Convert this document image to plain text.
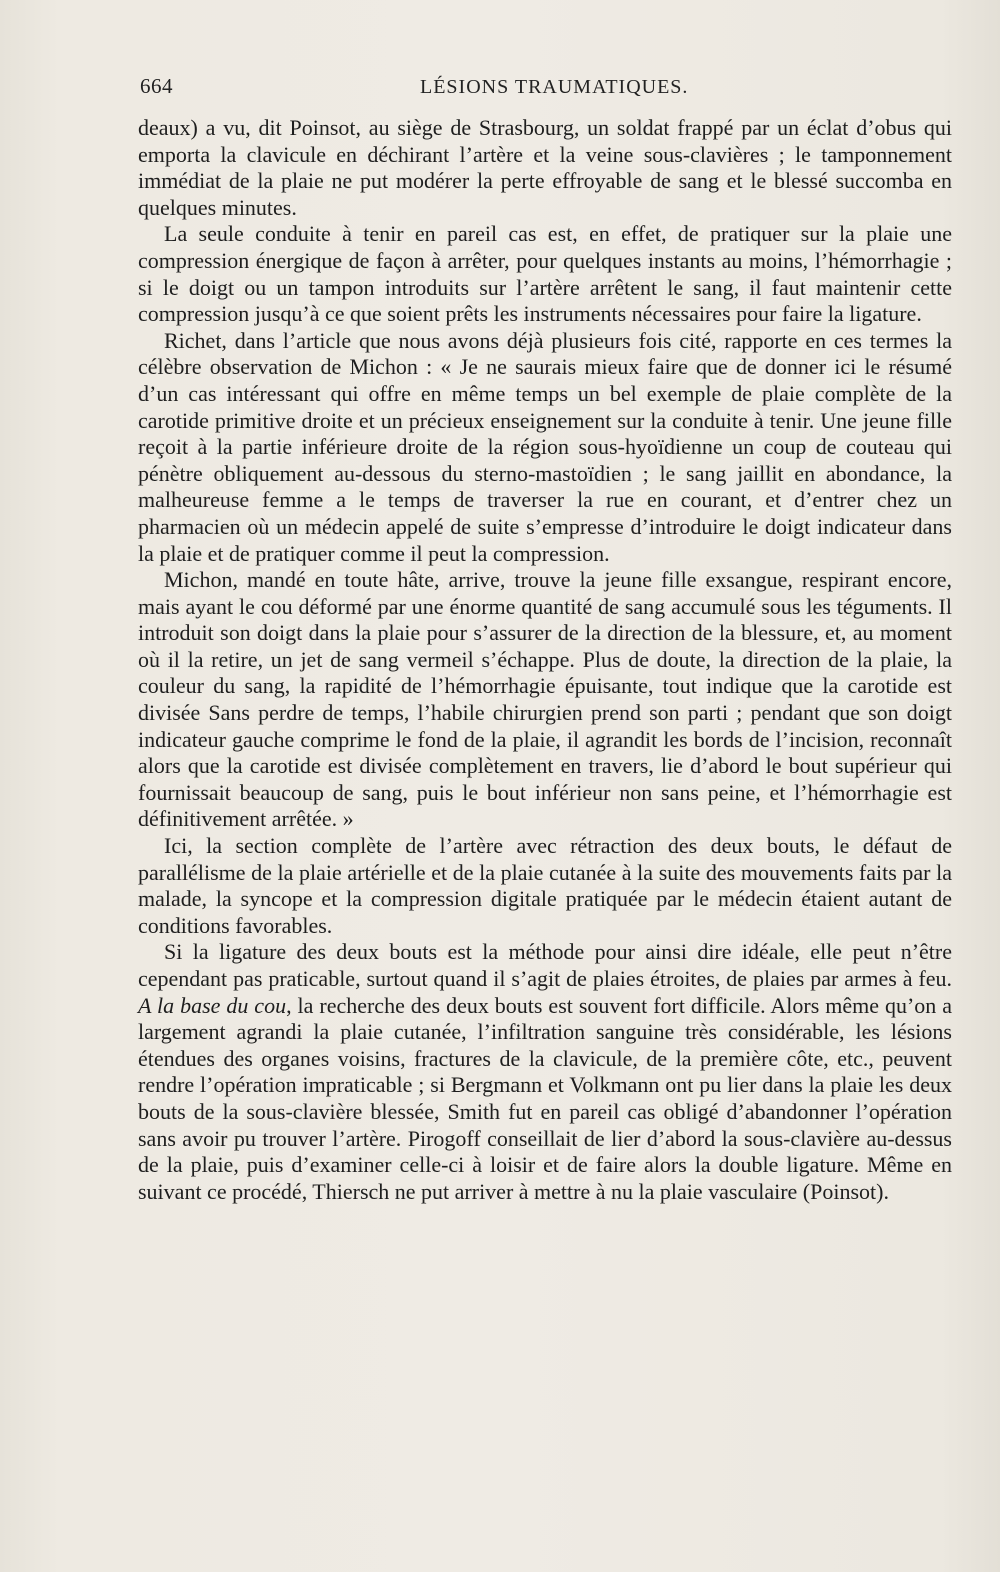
664	LÉSIONS TRAUMATIQUES.

deaux) a vu, dit Poinsot, au siège de Strasbourg, un soldat frappé par un éclat d’obus qui emporta la clavicule en déchirant l’artère et la veine sous-clavières ; le tamponnement immédiat de la plaie ne put modérer la perte effroyable de sang et le blessé succomba en quelques minutes.

La seule conduite à tenir en pareil cas est, en effet, de pratiquer sur la plaie une compression énergique de façon à arrêter, pour quelques instants au moins, l’hémorrhagie ; si le doigt ou un tampon introduits sur l’artère arrêtent le sang, il faut maintenir cette compression jusqu’à ce que soient prêts les instruments nécessaires pour faire la ligature.

Richet, dans l’article que nous avons déjà plusieurs fois cité, rapporte en ces termes la célèbre observation de Michon : « Je ne saurais mieux faire que de donner ici le résumé d’un cas intéressant qui offre en même temps un bel exemple de plaie complète de la carotide primitive droite et un précieux enseignement sur la conduite à tenir. Une jeune fille reçoit à la partie inférieure droite de la région sous-hyoïdienne un coup de couteau qui pénètre obliquement au-dessous du sterno-mastoïdien ; le sang jaillit en abondance, la malheureuse femme a le temps de traverser la rue en courant, et d’entrer chez un pharmacien où un médecin appelé de suite s’empresse d’introduire le doigt indicateur dans la plaie et de pratiquer comme il peut la compression.

Michon, mandé en toute hâte, arrive, trouve la jeune fille exsangue, respirant encore, mais ayant le cou déformé par une énorme quantité de sang accumulé sous les téguments. Il introduit son doigt dans la plaie pour s’assurer de la direction de la blessure, et, au moment où il la retire, un jet de sang vermeil s’échappe. Plus de doute, la direction de la plaie, la couleur du sang, la rapidité de l’hémorrhagie épuisante, tout indique que la carotide est divisée Sans perdre de temps, l’habile chirurgien prend son parti ; pendant que son doigt indicateur gauche comprime le fond de la plaie, il agrandit les bords de l’incision, reconnaît alors que la carotide est divisée complètement en travers, lie d’abord le bout supérieur qui fournissait beaucoup de sang, puis le bout inférieur non sans peine, et l’hémorrhagie est définitivement arrêtée. »

Ici, la section complète de l’artère avec rétraction des deux bouts, le défaut de parallélisme de la plaie artérielle et de la plaie cutanée à la suite des mouvements faits par la malade, la syncope et la compression digitale pratiquée par le médecin étaient autant de conditions favorables.

Si la ligature des deux bouts est la méthode pour ainsi dire idéale, elle peut n’être cependant pas praticable, surtout quand il s’agit de plaies étroites, de plaies par armes à feu. A la base du cou, la recherche des deux bouts est souvent fort difficile. Alors même qu’on a largement agrandi la plaie cutanée, l’infiltration sanguine très considérable, les lésions étendues des organes voisins, fractures de la clavicule, de la première côte, etc., peuvent rendre l’opération impraticable ; si Bergmann et Volkmann ont pu lier dans la plaie les deux bouts de la sous-clavière blessée, Smith fut en pareil cas obligé d’abandonner l’opération sans avoir pu trouver l’artère. Pirogoff conseillait de lier d’abord la sous-clavière au-dessus de la plaie, puis d’examiner celle-ci à loisir et de faire alors la double ligature. Même en suivant ce procédé, Thiersch ne put arriver à mettre à nu la plaie vasculaire (Poinsot).
